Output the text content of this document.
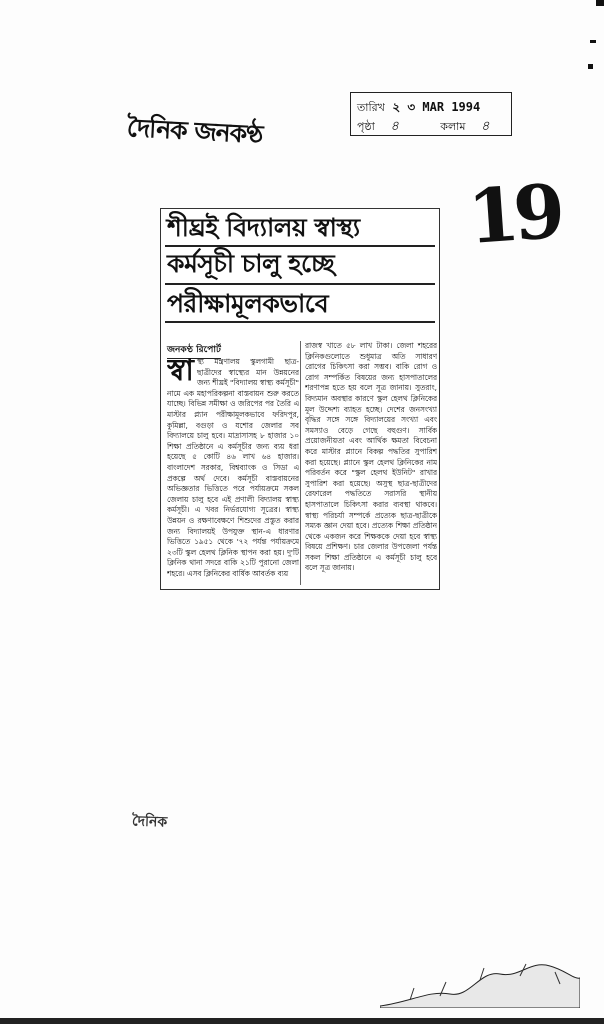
দৈনিক জনকণ্ঠ
তারিখ ২ ৩ MAR 1994
পৃষ্ঠা ৪	কলাম ৪
19
শীঘ্রই বিদ্যালয় স্বাস্থ্য
কর্মসূচী চালু হচ্ছে
পরীক্ষামূলকভাবে
জনকণ্ঠ রিপোর্ট
স্বা স্থ্য মন্ত্রণালয় স্কুলগামী ছাত্র-ছাত্রীদের স্বাস্থ্যের মান উন্নয়নের জন্য শীঘ্রই "বিদ্যালয় স্বাস্থ্য কর্মসূচী" নামে এক মহাপরিকল্পনা বাস্তবায়ন শুরু করতে যাচ্ছে। বিভিন্ন সমীক্ষা ও জরিপের পর তৈরি এ মাস্টার প্ল্যান পরীক্ষামূলকভাবে ফরিদপুর, কুমিল্লা, বগুড়া ও যশোর জেলার সব বিদ্যালয়ে চালু হবে। মাদ্রাসাসহ ৮ হাজার ১০ শিক্ষা প্রতিষ্ঠানে এ কর্মসূচীর জন্য ব্যয় ধরা হয়েছে ৫ কোটি ৪৬ লাখ ৬৪ হাজার। বাংলাদেশ সরকার, বিশ্বব্যাংক ও সিডা এ প্রকল্পে অর্থ দেবে। কর্মসূচী বাস্তবায়নের অভিজ্ঞতার ভিত্তিতে পরে পর্যায়ক্রমে সকল জেলায় চালু হবে এই প্রণালী বিদ্যালয় স্বাস্থ্য কর্মসূচী। এ খবর নির্ভরযোগ্য সূত্রের। স্বাস্থ্য উন্নয়ন ও রক্ষণাবেক্ষণে শিশুদের প্রস্তুত করার জন্য বিদ্যালয়ই উপযুক্ত স্থান-এ ধারণার ভিত্তিতে ১৯৫১ থেকে '৭২ পর্যন্ত পর্যায়ক্রমে ২৩টি স্কুল হেলথ ক্লিনিক স্থাপন করা হয়। দু'টি ক্লিনিক থানা সদরে বাকি ২১টি পুরানো জেলা শহরে। এসব ক্লিনিকের বার্ষিক আবর্তক ব্যয়

রাজস্ব খাতে ৫৮ লাখ টাকা। জেলা শহরের ক্লিনিকগুলোতে শুধুমাত্র অতি সাধারণ রোগের চিকিৎসা করা সম্ভব। বাকি রোগ ও রোগ সম্পর্কিত বিষয়ের জন্য হাসপাতালের শরণাপন্ন হতে হয় বলে সূত্র জানায়। সুতরাং, বিদ্যমান অবস্থার কারণে স্কুল হেলথ ক্লিনিকের মূল উদ্দেশ্য ব্যাহত হচ্ছে। দেশের জনসংখ্যা বৃদ্ধির সঙ্গে সঙ্গে বিদ্যালয়ের সংখ্যা এবং সমস্যাও বেড়ে গেছে বহুগুণ। সার্বিক প্রয়োজনীয়তা এবং আর্থিক ক্ষমতা বিবেচনা করে মাস্টার প্ল্যানে বিকল্প পদ্ধতির সুপারিশ করা হয়েছে। প্ল্যানে স্কুল হেলথ ক্লিনিকের নাম পরিবর্তন করে "স্কুল হেলথ ইউনিট" রাখার সুপারিশ করা হয়েছে। অসুস্থ ছাত্র-ছাত্রীদের রেফারেল পদ্ধতিতে সরাসরি স্থানীয় হাসপাতালে চিকিৎসা করার ব্যবস্থা থাকবে। স্বাস্থ্য পরিচর্যা সম্পর্কে প্রত্যেক ছাত্র-ছাত্রীকে সম্যক জ্ঞান দেয়া হবে। প্রত্যেক শিক্ষা প্রতিষ্ঠান থেকে একজন করে শিক্ষককে দেয়া হবে স্বাস্থ্য বিষয়ে প্রশিক্ষণ। চার জেলার উপজেলা পর্যন্ত সকল শিক্ষা প্রতিষ্ঠানে এ কর্মসূচী চালু হবে বলে সূত্র জানায়।

দৈনিক
